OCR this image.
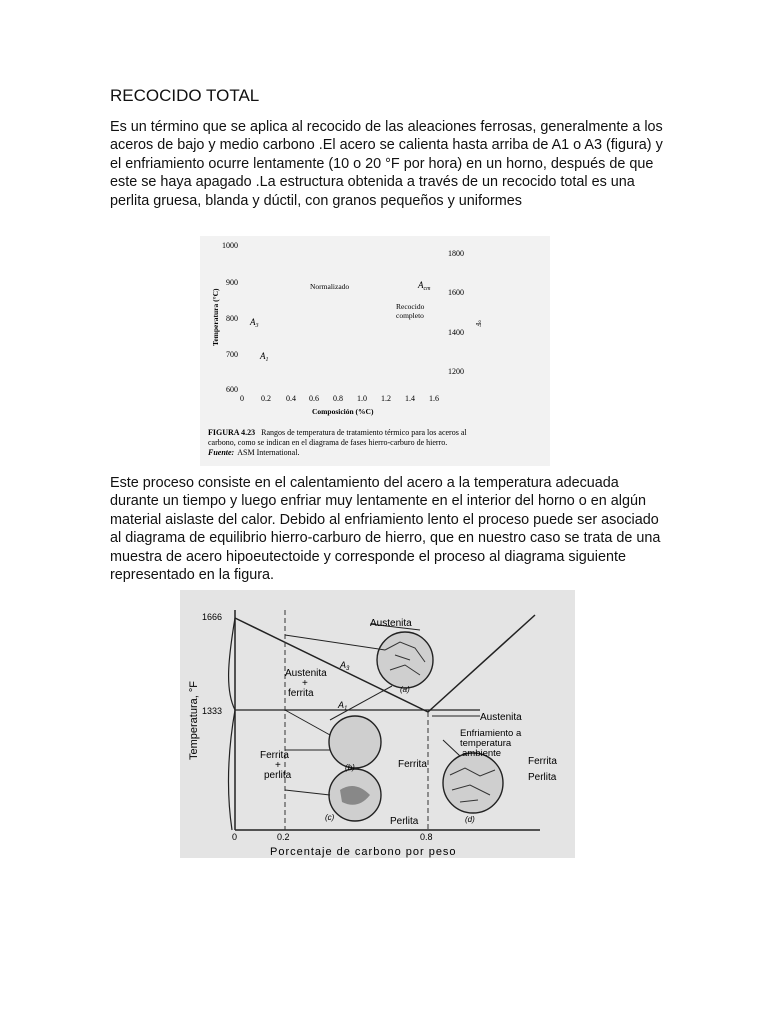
RECOCIDO TOTAL

Es un término que se aplica al recocido de las aleaciones ferrosas, generalmente a los aceros de bajo y medio carbono .El acero se calienta hasta arriba de A1 o A3 (figura) y el enfriamiento ocurre lentamente (10 o 20 °F por hora) en un horno, después de que este se haya apagado .La estructura obtenida a través de un recocido total es una perlita gruesa, blanda y dúctil, con granos pequeños y uniformes

1000
900
800
700
600
1800
1600
1400
1200
Temperatura (°C)	°F
0 0.2 0.4 0.6 0.8 1.0 1.2 1.4 1.6
Composición (%C)
Normalizado	$A_{cm}$
Recocido
completo
$A_3$
$A_1$
FIGURA 4.23 Rangos de temperatura de tratamiento térmico para los aceros al
carbono, como se indican en el diagrama de fases hierro-carburo de hierro.
Fuente: ASM International.

Este proceso consiste en el calentamiento del acero a la temperatura adecuada durante un tiempo y luego enfriar muy lentamente en el interior del horno o en algún material aislaste del calor. Debido al enfriamiento lento el proceso puede ser asociado al diagrama de equilibrio hierro-carburo de hierro, que en nuestro caso se trata de una muestra de acero hipoeutectoide y corresponde el proceso al diagrama siguiente representado en la figura.

1666
1333
0	0.2	0.8
Porcentaje de carbono por peso
Temperatura, °F
Austenita
$A_3$
Austenita
+
ferrita
$A_1$
Austenita
Enfriamiento a
temperatura
ambiente
Ferrita
+
perlita
Ferrita
Perlita
Ferrita
Perlita
(a)
(b)
(c)	(d)
